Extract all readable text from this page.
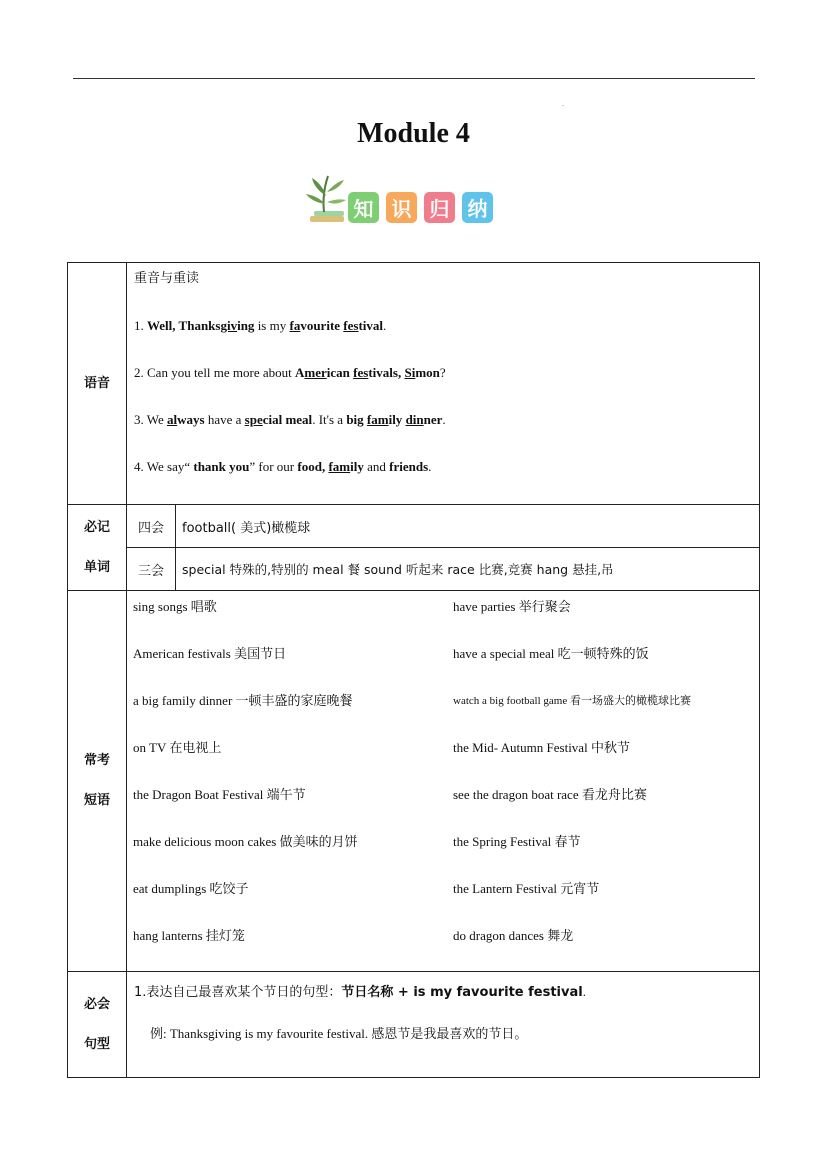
-
Module 4
知 识 归 纳
语音	
重音与重读
1. Well, Thanksgiving is my favourite festival.
2. Can you tell me more about American festivals, Simon?
3. We always have a special meal. It's a big family dinner.
4. We say“ thank you” for our food, family and friends.

必记
单词

四会	football( 美式)橄榄球
三会	special 特殊的,特别的 meal 餐 sound 听起来 race 比赛,竞赛 hang 悬挂,吊

常考
短语

sing songs 唱歌	have parties 举行聚会
American festivals 美国节日	have a special meal 吃一顿特殊的饭
a big family dinner 一顿丰盛的家庭晚餐	watch a big football game 看一场盛大的橄榄球比赛
on TV 在电视上	the Mid- Autumn Festival 中秋节
the Dragon Boat Festival 端午节	see the dragon boat race 看龙舟比赛
make delicious moon cakes 做美味的月饼	the Spring Festival 春节
eat dumplings 吃饺子	the Lantern Festival 元宵节
hang lanterns 挂灯笼	do dragon dances 舞龙

必会
句型

1.表达自己最喜欢某个节日的句型：节日名称 + is my favourite festival.
例: Thanksgiving is my favourite festival. 感恩节是我最喜欢的节日。
